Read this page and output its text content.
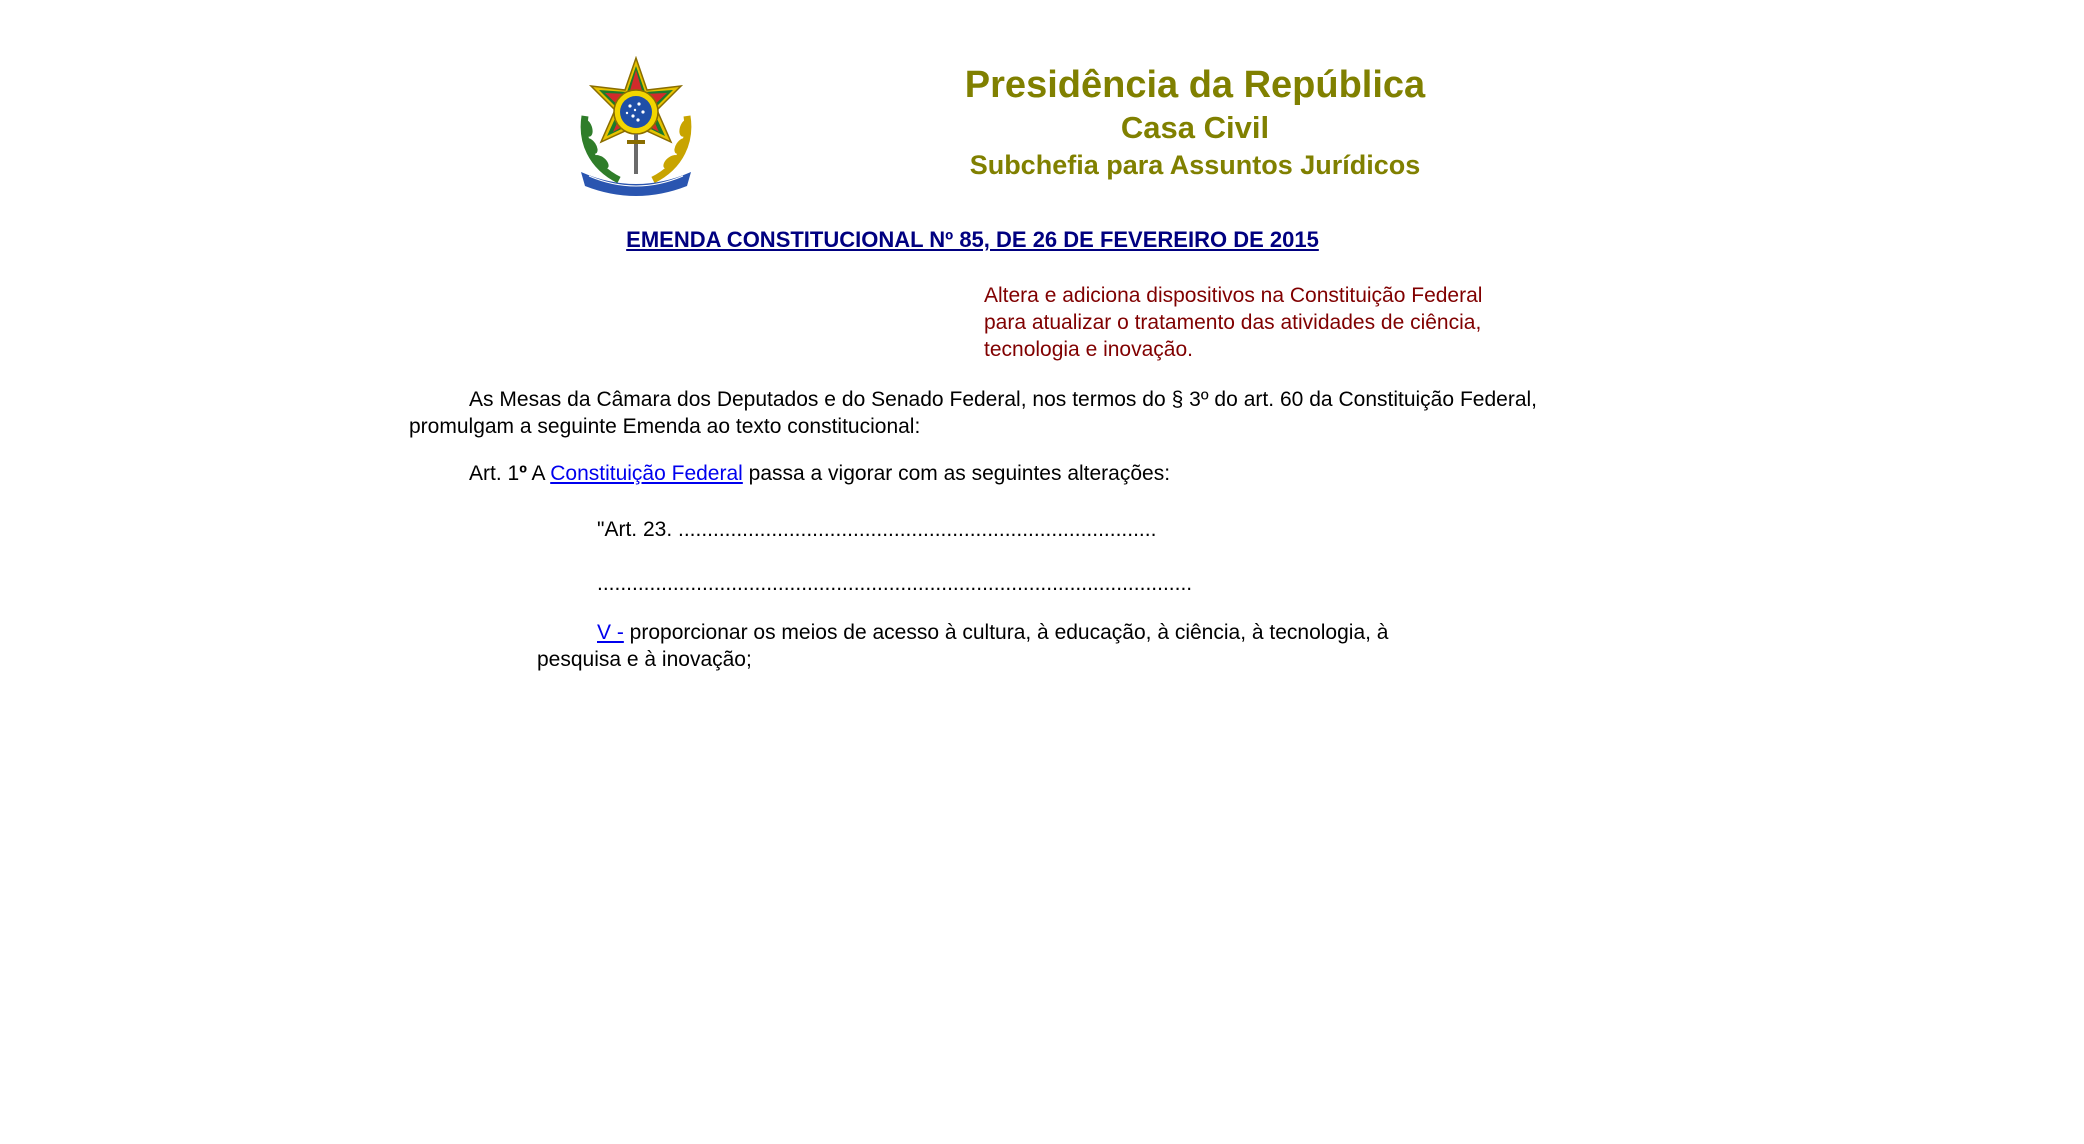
Presidência da República
Casa Civil
Subchefia para Assuntos Jurídicos
EMENDA CONSTITUCIONAL Nº 85, DE 26 DE FEVEREIRO DE 2015
Altera e adiciona dispositivos na Constituição Federal para atualizar o tratamento das atividades de ciência, tecnologia e inovação.
As Mesas da Câmara dos Deputados e do Senado Federal, nos termos do § 3º do art. 60 da Constituição Federal, promulgam a seguinte Emenda ao texto constitucional:
Art. 1º A Constituição Federal passa a vigorar com as seguintes alterações:
"Art. 23. ..................................................................................
......................................................................................................
V - proporcionar os meios de acesso à cultura, à educação, à ciência, à tecnologia, à pesquisa e à inovação;
